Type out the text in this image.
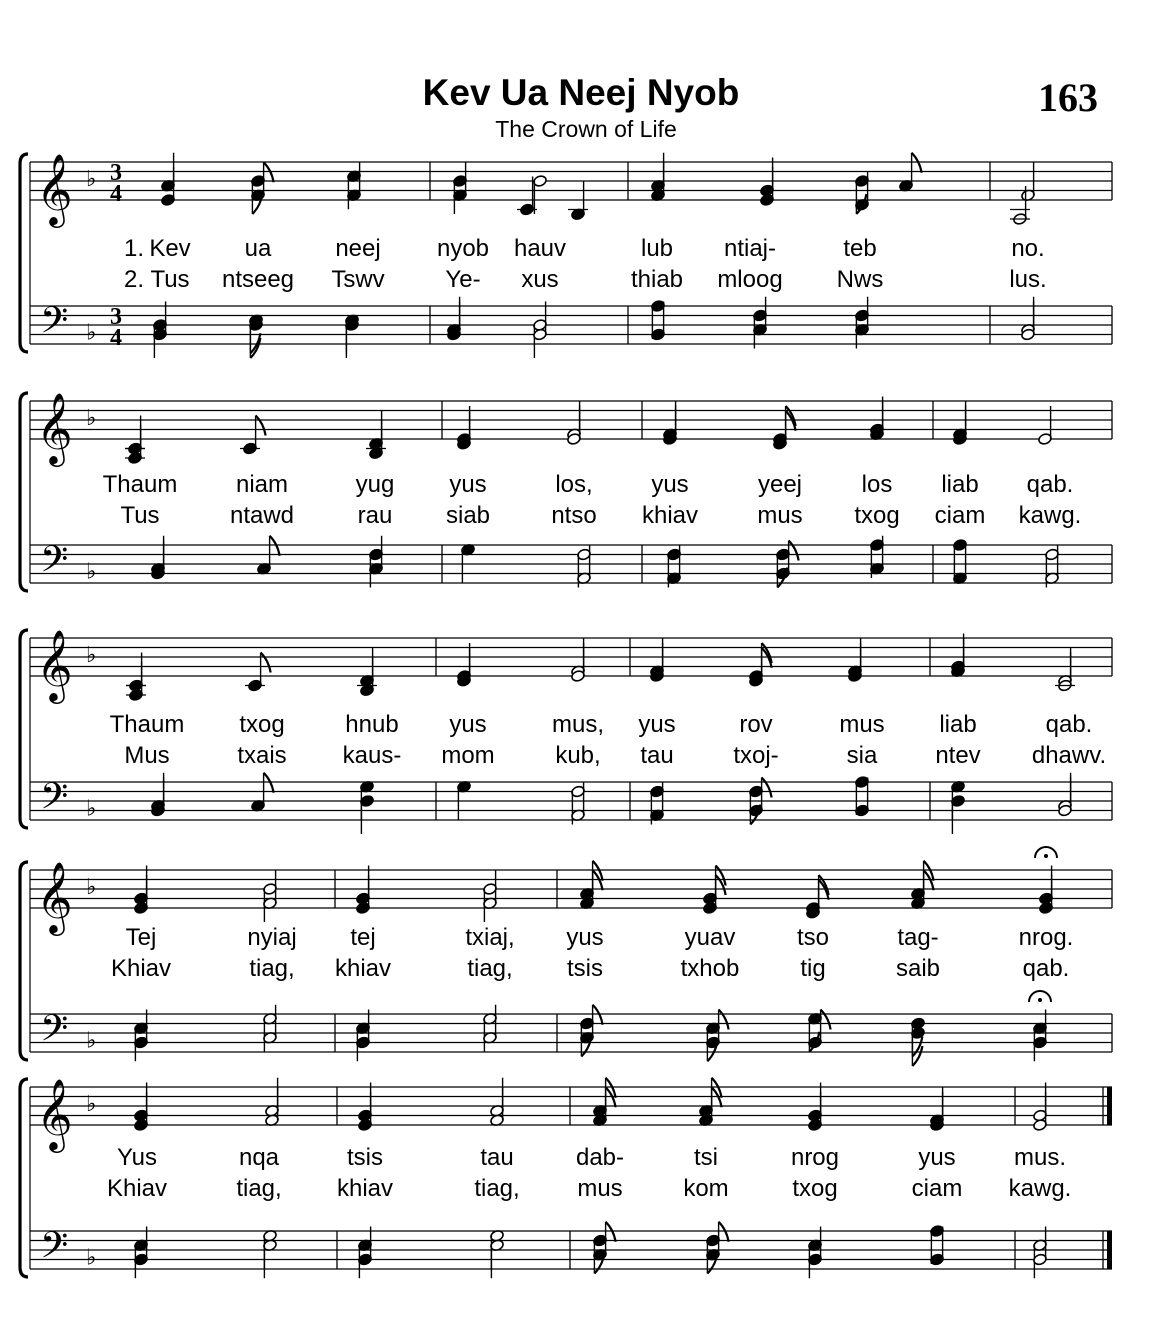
Kev Ua Neej Nyob
The Crown of Life
163
𝄞 ♭ 3
4
𝄢 ♭
3
4
1. Kev ua	neej nyob hauv	lub ntiaj-	teb	no.
2. Tus ntseeg Tswv	Ye- xus	thiab mloog Nws	lus.
𝄞 ♭
𝄢 ♭
Thaum niam	yug yus	los, yus	yeej los liab qab.
Tus	ntawd	rau siab	ntso khiav mus txog ciam kawg.
𝄞 ♭
𝄢 ♭
Thaum txog	hnub yus	mus, yus	rov	mus liab	qab.
Mus	txais kaus- mom	kub, tau txoj-	sia ntev dhawv.
𝄞 ♭
𝄢 ♭
Tej	nyiaj tej	txiaj, yus	yuav	tso	tag-	nrog.
Khiav	tiag, khiav	tiag, tsis	txhob	tig	saib	qab.
𝄞 ♭
𝄢 ♭
Yus	nqa	tsis	tau	dab-	tsi	nrog	yus mus.
Khiav	tiag, khiav	tiag, mus	kom	txog	ciam kawg.
